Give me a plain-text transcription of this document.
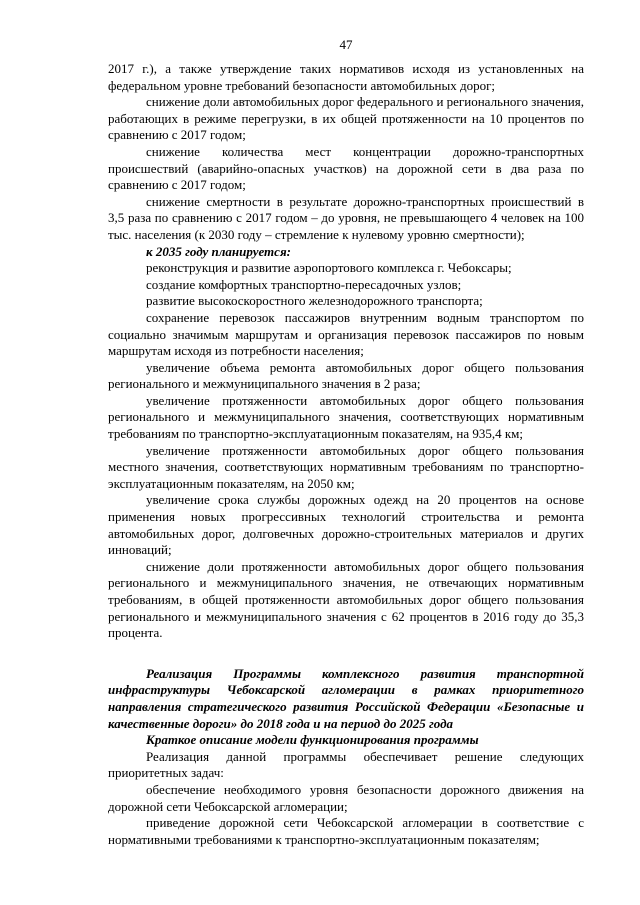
47

2017 г.), а также утверждение таких нормативов исходя из установленных на федеральном уровне требований безопасности автомобильных дорог;

снижение доли автомобильных дорог федерального и регионального значения, работающих в режиме перегрузки, в их общей протяженности на 10 процентов по сравнению с 2017 годом;

снижение количества мест концентрации дорожно-транспортных происшествий (аварийно-опасных участков) на дорожной сети в два раза по сравнению с 2017 годом;

снижение смертности в результате дорожно-транспортных происшествий в 3,5 раза по сравнению с 2017 годом – до уровня, не превышающего 4 человек на 100 тыс. населения (к 2030 году – стремление к нулевому уровню смертности);

к 2035 году планируется:

реконструкция и развитие аэропортового комплекса г. Чебоксары;

создание комфортных транспортно-пересадочных узлов;

развитие высокоскоростного железнодорожного транспорта;

сохранение перевозок пассажиров внутренним водным транспортом по социально значимым маршрутам и организация перевозок пассажиров по новым маршрутам исходя из потребности населения;

увеличение объема ремонта автомобильных дорог общего пользования регионального и межмуниципального значения в 2 раза;

увеличение протяженности автомобильных дорог общего пользования регионального и межмуниципального значения, соответствующих нормативным требованиям по транспортно-эксплуатационным показателям, на 935,4 км;

увеличение протяженности автомобильных дорог общего пользования местного значения, соответствующих нормативным требованиям по транспортно-эксплуатационным показателям, на 2050 км;

увеличение срока службы дорожных одежд на 20 процентов на основе применения новых прогрессивных технологий строительства и ремонта автомобильных дорог, долговечных дорожно-строительных материалов и других инноваций;

снижение доли протяженности автомобильных дорог общего пользования регионального и межмуниципального значения, не отвечающих нормативным требованиям, в общей протяженности автомобильных дорог общего пользования регионального и межмуниципального значения с 62 процентов в 2016 году до 35,3 процента.

Реализация Программы комплексного развития транспортной инфраструктуры Чебоксарской агломерации в рамках приоритетного направления стратегического развития Российской Федерации «Безопасные и качественные дороги» до 2018 года и на период до 2025 года

Краткое описание модели функционирования программы

Реализация данной программы обеспечивает решение следующих приоритетных задач:

обеспечение необходимого уровня безопасности дорожного движения на дорожной сети Чебоксарской агломерации;

приведение дорожной сети Чебоксарской агломерации в соответствие с нормативными требованиями к транспортно-эксплуатационным показателям;
